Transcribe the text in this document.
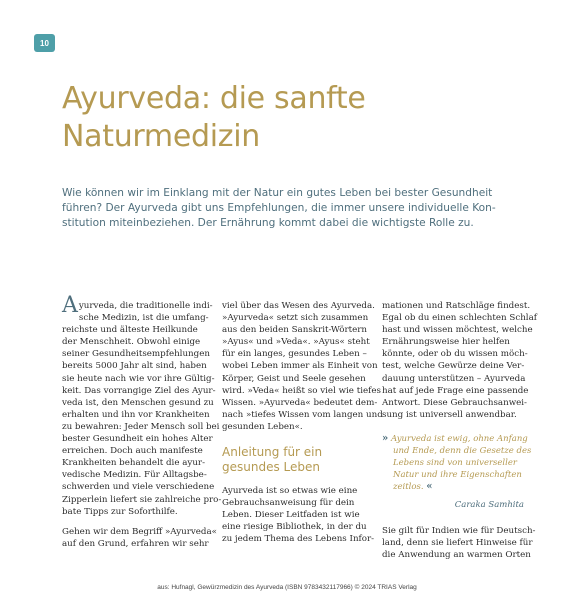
10
Ayurveda: die sanfte
Naturmedizin
Wie können wir im Einklang mit der Natur ein gutes Leben bei bester Gesundheit
führen? Der Ayurveda gibt uns Empfehlungen, die immer unsere individuelle Kon-
stitution miteinbeziehen. Der Ernährung kommt dabei die wichtigste Rolle zu.
A yurveda, die traditionelle indi-
sche Medizin, ist die umfang-
reichste und älteste Heilkunde
der Menschheit. Obwohl einige
seiner Gesundheitsempfehlungen
bereits 5000 Jahr alt sind, haben
sie heute nach wie vor ihre Gültig-
keit. Das vorrangige Ziel des Ayur-
veda ist, den Menschen gesund zu
erhalten und ihn vor Krankheiten
zu bewahren: Jeder Mensch soll bei
bester Gesundheit ein hohes Alter
erreichen. Doch auch manifeste
Krankheiten behandelt die ayur-
vedische Medizin. Für Alltagsbe-
schwerden und viele verschiedene
Zipperlein liefert sie zahlreiche pro-
bate Tipps zur Soforthilfe.
Gehen wir dem Begriff »Ayurveda«
auf den Grund, erfahren wir sehr
viel über das Wesen des Ayurveda.
»Ayurveda« setzt sich zusammen
aus den beiden Sanskrit-Wörtern
»Ayus« und »Veda«. »Ayus« steht
für ein langes, gesundes Leben –
wobei Leben immer als Einheit von
Körper, Geist und Seele gesehen
wird. »Veda« heißt so viel wie tiefes
Wissen. »Ayurveda« bedeutet dem-
nach »tiefes Wissen vom langen und
gesunden Leben«.
Anleitung für ein
gesundes Leben
Ayurveda ist so etwas wie eine
Gebrauchsanweisung für dein
Leben. Dieser Leitfaden ist wie
eine riesige Bibliothek, in der du
zu jedem Thema des Lebens Infor-
mationen und Ratschläge findest.
Egal ob du einen schlechten Schlaf
hast und wissen möchtest, welche
Ernährungsweise hier helfen
könnte, oder ob du wissen möch-
test, welche Gewürze deine Ver-
dauung unterstützen – Ayurveda
hat auf jede Frage eine passende
Antwort. Diese Gebrauchsanwei-
sung ist universell anwendbar.
» Ayurveda ist ewig, ohne Anfang
und Ende, denn die Gesetze des
Lebens sind von universeller
Natur und ihre Eigenschaften
zeitlos. «
Caraka Samhita
Sie gilt für Indien wie für Deutsch-
land, denn sie liefert Hinweise für
die Anwendung an warmen Orten
aus: Hufnagl, Gewürzmedizin des Ayurveda (ISBN 9783432117966) © 2024 TRIAS Verlag
